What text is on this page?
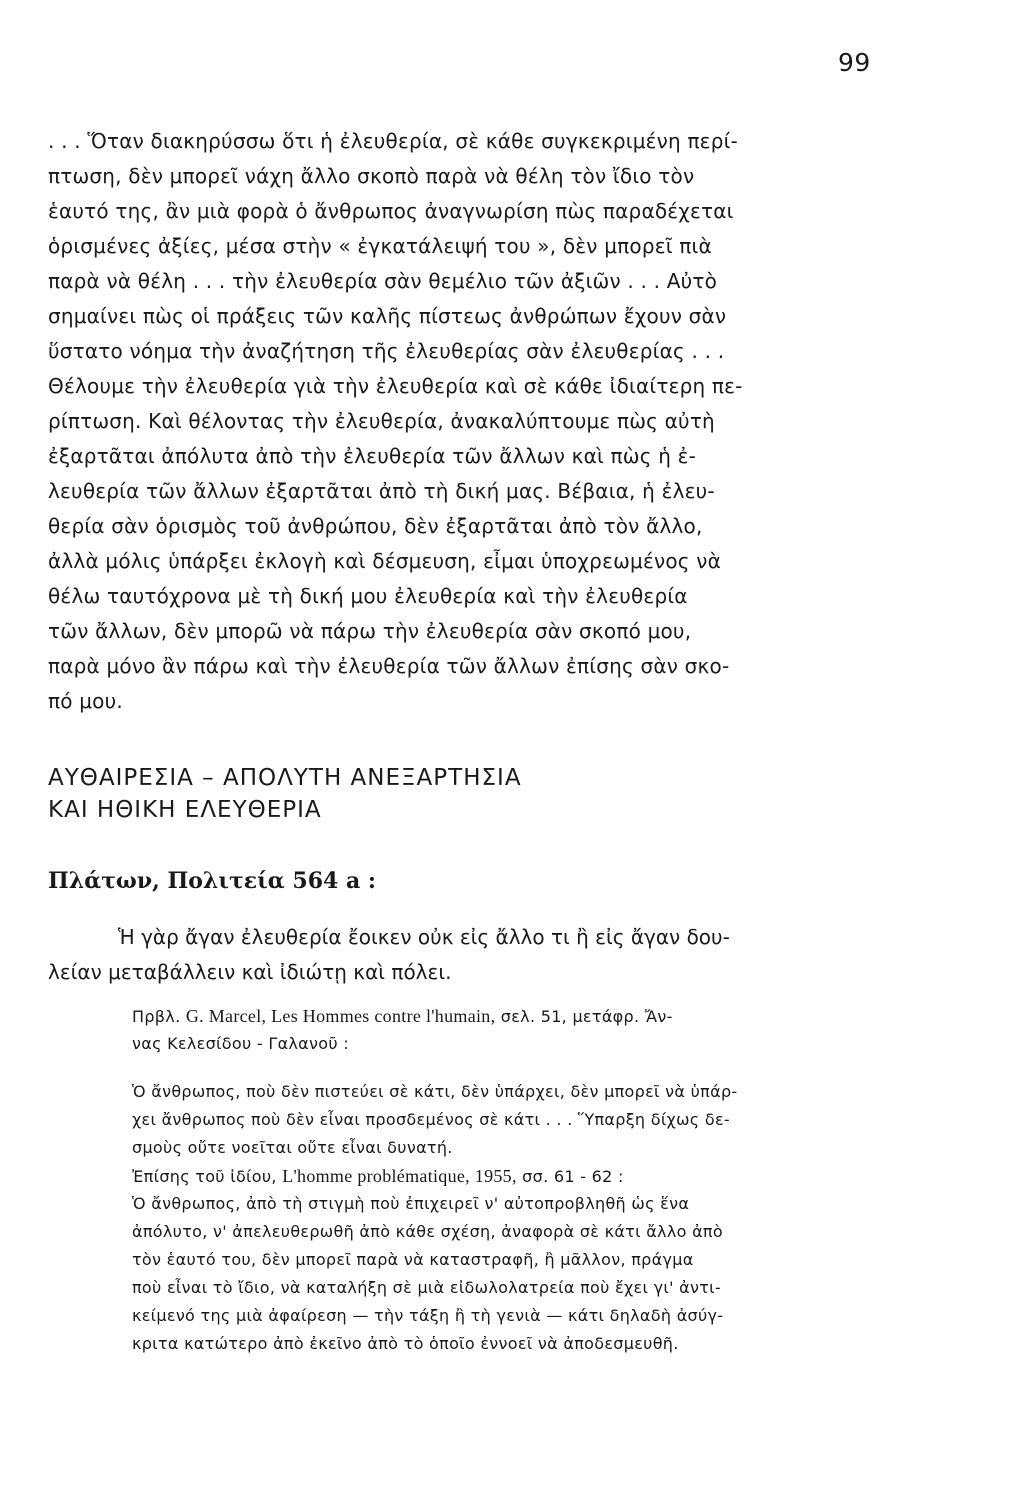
99
. . . Ὅταν διακηρύσσω ὅτι ἡ ἐλευθερία, σὲ κάθε συγκεκριμένη περί-
πτωση, δὲν μπορεῖ νάχη ἄλλο σκοπὸ παρὰ νὰ θέλη τὸν ἴδιο τὸν
ἑαυτό της, ἂν μιὰ φορὰ ὁ ἄνθρωπος ἀναγνωρίση πὼς παραδέχεται
ὁρισμένες ἀξίες, μέσα στὴν « ἐγκατάλειψή του », δὲν μπορεῖ πιὰ
παρὰ νὰ θέλη . . . τὴν ἐλευθερία σὰν θεμέλιο τῶν ἀξιῶν . . . Αὐτὸ
σημαίνει πὼς οἱ πράξεις τῶν καλῆς πίστεως ἀνθρώπων ἔχουν σὰν
ὕστατο νόημα τὴν ἀναζήτηση τῆς ἐλευθερίας σὰν ἐλευθερίας . . .
Θέλουμε τὴν ἐλευθερία γιὰ τὴν ἐλευθερία καὶ σὲ κάθε ἰδιαίτερη πε-
ρίπτωση. Καὶ θέλοντας τὴν ἐλευθερία, ἀνακαλύπτουμε πὼς αὐτὴ
ἐξαρτᾶται ἀπόλυτα ἀπὸ τὴν ἐλευθερία τῶν ἄλλων καὶ πὼς ἡ ἐ-
λευθερία τῶν ἄλλων ἐξαρτᾶται ἀπὸ τὴ δική μας. Βέβαια, ἡ ἐλευ-
θερία σὰν ὁρισμὸς τοῦ ἀνθρώπου, δὲν ἐξαρτᾶται ἀπὸ τὸν ἄλλο,
ἀλλὰ μόλις ὑπάρξει ἐκλογὴ καὶ δέσμευση, εἶμαι ὑποχρεωμένος νὰ
θέλω ταυτόχρονα μὲ τὴ δική μου ἐλευθερία καὶ τὴν ἐλευθερία
τῶν ἄλλων, δὲν μπορῶ νὰ πάρω τὴν ἐλευθερία σὰν σκοπό μου,
παρὰ μόνο ἂν πάρω καὶ τὴν ἐλευθερία τῶν ἄλλων ἐπίσης σὰν σκο-
πό μου.
ΑΥΘΑΙΡΕΣΙΑ – ΑΠΟΛΥΤΗ ΑΝΕΞΑΡΤΗΣΙΑ
ΚΑΙ ΗΘΙΚΗ ΕΛΕΥΘΕΡΙΑ
Πλάτων, Πολιτεία 564 a :
Ἡ γὰρ ἄγαν ἐλευθερία ἔοικεν οὐκ εἰς ἄλλο τι ἢ εἰς ἄγαν δου-
λείαν μεταβάλλειν καὶ ἰδιώτῃ καὶ πόλει.
Πρβλ. G. Marcel, Les Hommes contre l'humain, σελ. 51, μετάφρ. Ἄν-
νας Κελεσίδου - Γαλανοῦ :
Ὁ ἄνθρωπος, ποὺ δὲν πιστεύει σὲ κάτι, δὲν ὑπάρχει, δὲν μπορεῖ νὰ ὑπάρ-
χει ἄνθρωπος ποὺ δὲν εἶναι προσδεμένος σὲ κάτι . . . Ὕπαρξη δίχως δε-
σμοὺς οὔτε νοεῖται οὔτε εἶναι δυνατή.
Ἐπίσης τοῦ ἰδίου, L'homme problématique, 1955, σσ. 61 - 62 :
Ὁ ἄνθρωπος, ἀπὸ τὴ στιγμὴ ποὺ ἐπιχειρεῖ ν' αὐτοπροβληθῆ ὡς ἕνα
ἀπόλυτο, ν' ἀπελευθερωθῆ ἀπὸ κάθε σχέση, ἀναφορὰ σὲ κάτι ἄλλο ἀπὸ
τὸν ἑαυτό του, δὲν μπορεῖ παρὰ νὰ καταστραφῆ, ἢ μᾶλλον, πράγμα
ποὺ εἶναι τὸ ἴδιο, νὰ καταλήξη σὲ μιὰ εἰδωλολατρεία ποὺ ἔχει γι' ἀντι-
κείμενό της μιὰ ἀφαίρεση — τὴν τάξη ἢ τὴ γενιὰ — κάτι δηλαδὴ ἀσύγ-
κριτα κατώτερο ἀπὸ ἐκεῖνο ἀπὸ τὸ ὁποῖο ἐννοεῖ νὰ ἀποδεσμευθῆ.
